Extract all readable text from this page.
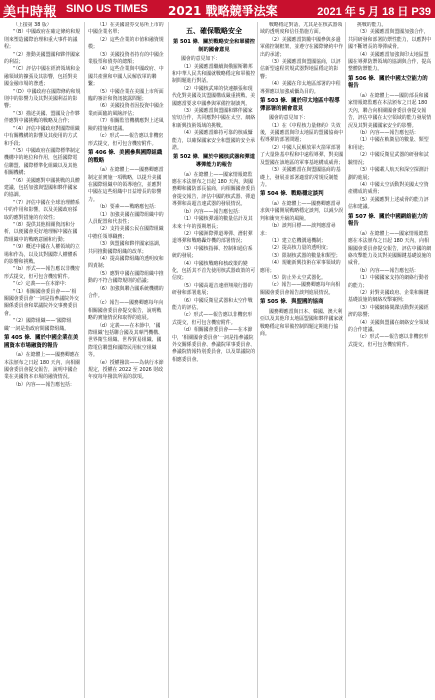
美中時報 SINO US TIMES 2021 戰略競爭法案	2021 年 5 月 18 日 P39

（上接第 38 版）

“（B）中國政府在確定條約和規則來塑造國際治理和重大事件的議程；

“（2）推動美國盟國和夥伴國家的利益；

“（C）評估中國在經濟領域和金融領域的擴張及其影響，包括對美國金融市場的滲透；

“（D）中國政府在國際條約和規則中的影響力及其對美國利益的影響；

“（3）描述美國、盟國及合作夥伴應對中國挑戰的戰略及合作；

“（4）評估中國政府對國際組織中有關機構的影響及其使用的方式和手段；

“（5）中國政府在國際標準制定機構中的地位和作用，包括國際電信聯盟、國際標準化組織以及其他相關機構；

“（6）美國應對中國挑戰的具體建議，包括加強與盟國和夥伴國家的協調。

“（7）評估中國在全球治理體系中的作用和影響，以及美國政府採取的應對措施的有效性；

“（8）提供其他相關資訊和分析，以便國會更好地理解中國在國際組織中的戰略意圖和行動；

“（9）概述中國在人權領域的立場和作為，以及其對國際人權體系的影響和挑戰。

“（b）形式——報告應以非機密形式提交，但可包含機密附件。

“（c）定義——在本節中：

“（1）相關國會委員會——‘相關國會委員會’一詞是指參議院外交關係委員會和眾議院外交事務委員會。

“（2）國際組織——‘國際組織’一詞是指政府間國際組織。

第 405 條．關於中國企業在美國資本市場融資的報告

（a）在總體上——國務卿應在本法頒布之日起 180 天內，向相關國會委員會提交報告，說明中國企業在美國資本市場的融資情況。

（b）內容——報告應包括：

（1）在美國證券交易所上市的中國企業名單；

（2）這些企業的市值和融資規模；

（3）美國投資者持有的中國企業股票和債券的總額；

（4）這些企業與中國政府、中國共產黨和中國人民解放軍的聯繫；

（5）中國企業在美國上市所面臨的審計和資訊披露問題；

（6）美國投資者因投資中國企業而面臨的風險評估；

（7）相關監管機構應對上述風險的措施和建議。

（c）形式——報告應以非機密形式提交，但可包含機密附件。

第 406 條．美國參與國際組織的戰略

（a）在總體上——國務卿應當制定並實施一項戰略，以提升美國在國際組織中的領導地位，並應對中國在這些組織中日益增長的影響力。

（b）要素——戰略應包括：

（1）加強美國在國際組織中的人員配置和代表性；

（2）支持美國公民在國際組織中擔任領導職務；

（3）與盟國和夥伴國家協調，共同推動國際組織的改革；

（4）提高國際組織的透明度和問責制；

（5）應對中國在國際組織中推動的不符合國際規則的倡議；

（6）加強與聯合國系統機構的合作。

（c）報告——國務卿應每年向相關國會委員會提交報告，說明戰略的實施情況和取得的進展。

（d）定義——在本節中，‘國際組織’包括聯合國及其專門機構、世界衛生組織、世界貿易組織、國際電信聯盟和國際民用航空組織等。

（e）授權撥款——為執行本節規定，授權在 2022 至 2026 財政年度每年撥款所需的款項。

五、確保戰略安全

第 501 條．關於戰略安全和軍備控制的國會意見

國會的意見如下：

（1）美國應當繼續與俄羅斯聯邦和中華人民共和國就戰略穩定和軍備控制問題進行對話。

（2）中國核武庫的快速擴張和現代化對美國及其盟國構成嚴重挑戰，美國應當要求中國參與軍備控制談判。

（3）美國應當與盟國和夥伴國家密切合作，共同應對中國在太空、網絡和新興技術領域的挑戰。

（4）美國應當維持可靠的核威懾能力，以確保國家安全和盟國的安全承諾。

第 502 條．關於中國核武器和彈道導彈能力的報告

（a）在總體上——國家情報總監應在本法頒布之日起 180 天內，與國務卿和國防部長協商，向相關國會委員會提交報告，評估中國的核武器、彈道導彈和高超音速武器的發展情況。

（b）內容——報告應包括：

（1）中國核彈頭的數量估計及其未來十年的預期增長；

（2）中國洲際彈道導彈、潛射彈道導彈和戰略轟炸機的部署情況；

（3）中國核指揮、控制和通信系統的發展；

（4）中國核戰略和核政策的變化，包括其不首先使用核武器政策的可信度；

（5）中國高超音速滑翔飛行器的研發和部署進展；

（6）中國反衛星武器和太空作戰能力的評估。

（c）形式——報告應以非機密形式提交，但可包含機密附件。

（d）相關國會委員會——在本節中，‘相關國會委員會’一詞是指參議院外交關係委員會、參議院軍事委員會、參議院情報特別委員會，以及眾議院的相應委員會。

戰略穩定對話，尤其是在核武器領域的透明度和信任措施方面。

（2）美國應當鼓勵中國參與多邊軍備控制框架，並遵守在國際條約中作出的承諾；

（3）美國應當與盟國協商，以評估新型遠程常規武器對地區穩定的影響；

（4）美國在印太地區部署的中程導彈應以加強威懾為目的。

第 503 條．關於印太地區中程導彈部署的國會意見

國會的意見如下：

（1）在《中程核力量條約》失效後，美國應當與印太地區的盟國協商中程導彈的部署問題；

（2）中國人民解放軍火箭軍部署了大量陸基中程和中遠程導彈，對美國及盟國在該地區的軍事基地構成威脅；

（3）美國應當在與盟國協商的基礎上，發展並部署適當的常規反制能力。

第 504 條．戰略穩定談判

（a）在總體上——國務卿應當尋求與中國開展戰略穩定談判，以減少誤判和衝突升級的風險。

（b）談判目標——談判應當尋求：

（1）建立危機溝通機制；

（2）提高核力量的透明度；

（3）限制核武器的數量和類型；

（4）規範新興技術在軍事領域的應用；

（5）防止外太空武器化。

（c）報告——國務卿應每年向相關國會委員會報告談判進展情況。

第 505 條．與盟國的協商

國務卿應當與日本、韓國、澳大利亞以及其他印太地區盟國和夥伴國家就戰略穩定和軍備控制問題定期進行協商。

挑戰的能力。

（3）美國應當與盟國加強合作，共同研發和部署防禦性能力，以應對中國不斷增長的導彈威脅。

（4）美國應當加強與印太地區盟國在導彈防禦領域的協調與合作，提高整體防禦能力。

第 506 條．關於中國太空能力的報告

（a）在總體上——國防部長和國家情報總監應在本法頒布之日起 180 天內，聯合向相關國會委員會提交報告，評估中國在太空領域的能力發展情況及其對美國國家安全的影響。

（b）內容——報告應包括：

（1）中國在軌衛星的數量、類型和用途；

（2）中國反衛星武器的研發和試驗情況；

（3）中國載人航天和深空探測計劃的進展；

（4）中國太空活動對美國太空資產構成的威脅；

（5）美國應對上述威脅的能力評估和建議。

第 507 條．關於中國網絡能力的報告

（a）在總體上——國家情報總監應在本法頒布之日起 180 天內，向相關國會委員會提交報告，評估中國的網絡攻擊能力及其對美國關鍵基礎設施的威脅。

（b）內容——報告應包括：

（1）中國國家支持的網絡行動者的能力；

（2）針對美國政府、企業和關鍵基礎設施的網絡攻擊案例；

（3）中國網絡間諜活動對美國經濟的影響；

（4）美國與盟國在網絡安全領域的合作建議。

（c）形式——報告應以非機密形式提交，但可包含機密附件。
